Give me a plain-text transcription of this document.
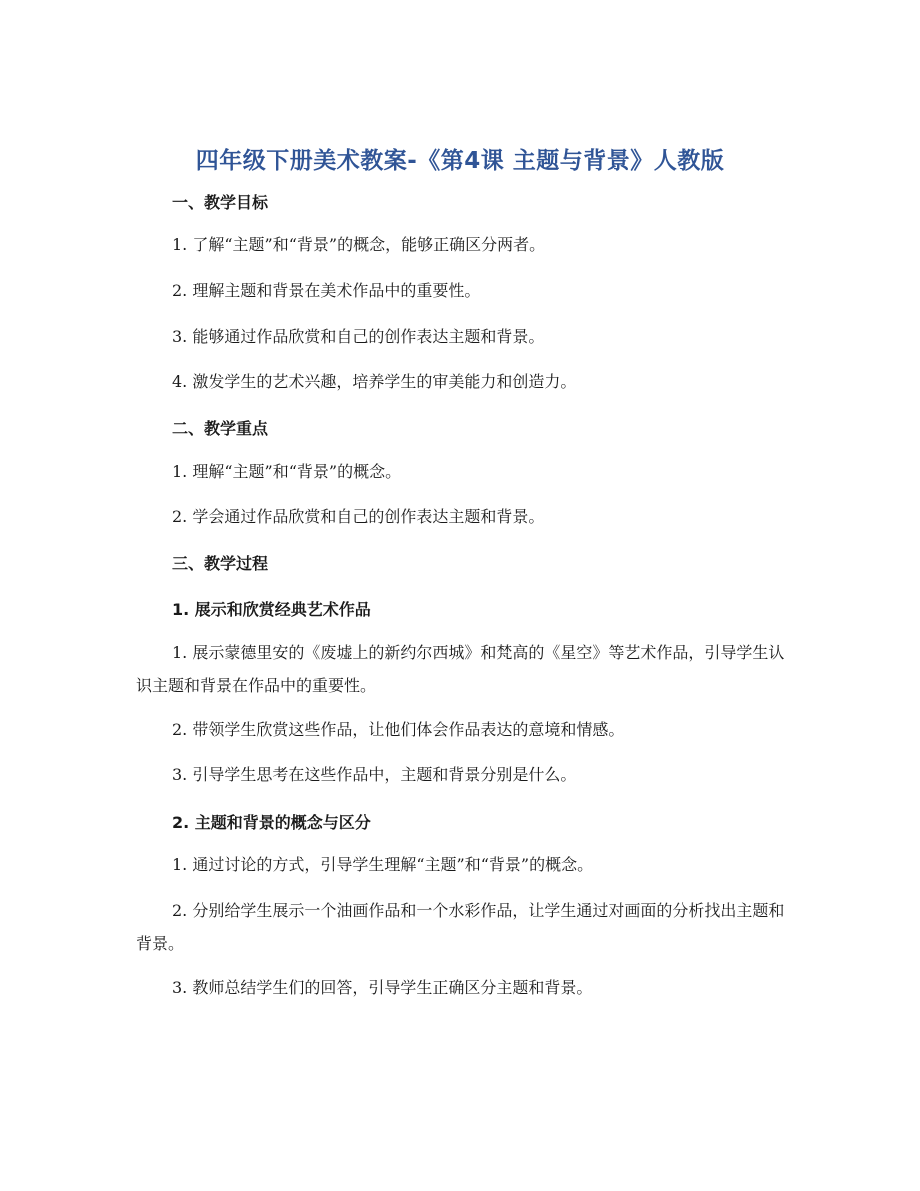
四年级下册美术教案-《第4课 主题与背景》人教版
一、教学目标
1. 了解“主题”和“背景”的概念，能够正确区分两者。
2. 理解主题和背景在美术作品中的重要性。
3. 能够通过作品欣赏和自己的创作表达主题和背景。
4. 激发学生的艺术兴趣，培养学生的审美能力和创造力。
二、教学重点
1. 理解“主题”和“背景”的概念。
2. 学会通过作品欣赏和自己的创作表达主题和背景。
三、教学过程
1. 展示和欣赏经典艺术作品
1. 展示蒙德里安的《废墟上的新约尔西城》和梵高的《星空》等艺术作品，引导学生认识主题和背景在作品中的重要性。
2. 带领学生欣赏这些作品，让他们体会作品表达的意境和情感。
3. 引导学生思考在这些作品中，主题和背景分别是什么。
2. 主题和背景的概念与区分
1. 通过讨论的方式，引导学生理解“主题”和“背景”的概念。
2. 分别给学生展示一个油画作品和一个水彩作品，让学生通过对画面的分析找出主题和背景。
3. 教师总结学生们的回答，引导学生正确区分主题和背景。
